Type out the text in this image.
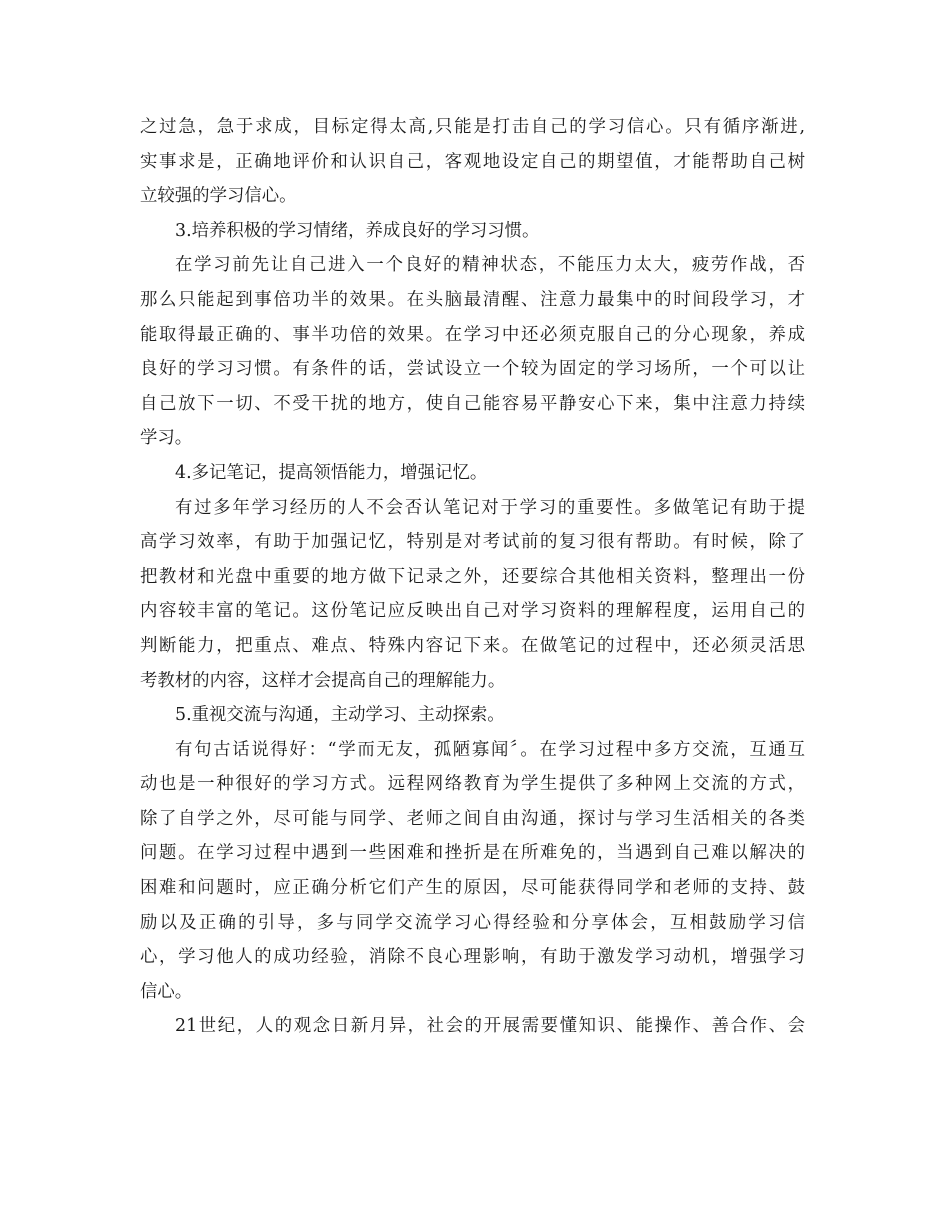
之过急，急于求成，目标定得太高,只能是打击自己的学习信心。只有循序渐进,
实事求是，正确地评价和认识自己，客观地设定自己的期望值，才能帮助自己树
立较强的学习信心。
3.培养积极的学习情绪，养成良好的学习习惯。
在学习前先让自己进入一个良好的精神状态，不能压力太大，疲劳作战，否
那么只能起到事倍功半的效果。在头脑最清醒、注意力最集中的时间段学习，才
能取得最正确的、事半功倍的效果。在学习中还必须克服自己的分心现象，养成
良好的学习习惯。有条件的话，尝试设立一个较为固定的学习场所，一个可以让
自己放下一切、不受干扰的地方，使自己能容易平静安心下来，集中注意力持续
学习。
4.多记笔记，提高领悟能力，增强记忆。
有过多年学习经历的人不会否认笔记对于学习的重要性。多做笔记有助于提
高学习效率，有助于加强记忆，特别是对考试前的复习很有帮助。有时候，除了
把教材和光盘中重要的地方做下记录之外，还要综合其他相关资料，整理出一份
内容较丰富的笔记。这份笔记应反映出自己对学习资料的理解程度，运用自己的
判断能力，把重点、难点、特殊内容记下来。在做笔记的过程中，还必须灵活思
考教材的内容，这样才会提高自己的理解能力。
5.重视交流与沟通，主动学习、主动探索。
有句古话说得好：“学而无友，孤陋寡闻〞。在学习过程中多方交流，互通互
动也是一种很好的学习方式。远程网络教育为学生提供了多种网上交流的方式，
除了自学之外，尽可能与同学、老师之间自由沟通，探讨与学习生活相关的各类
问题。在学习过程中遇到一些困难和挫折是在所难免的，当遇到自己难以解决的
困难和问题时，应正确分析它们产生的原因，尽可能获得同学和老师的支持、鼓
励以及正确的引导，多与同学交流学习心得经验和分享体会，互相鼓励学习信
心，学习他人的成功经验，消除不良心理影响，有助于激发学习动机，增强学习
信心。
21世纪，人的观念日新月异，社会的开展需要懂知识、能操作、善合作、会
